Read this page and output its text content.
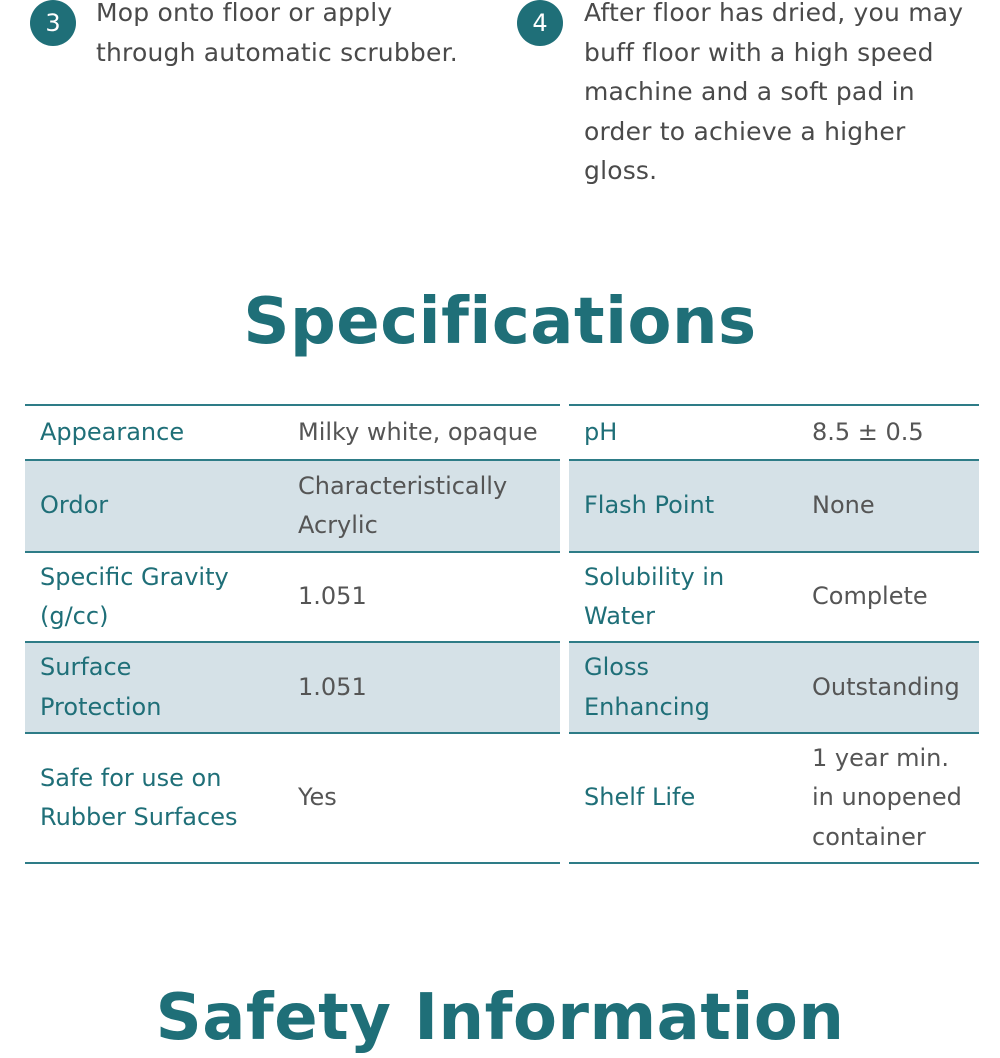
3	Mop onto floor or apply
through automatic scrubber.
4	After floor has dried, you may
buff floor with a high speed
machine and a soft pad in
order to achieve a higher
gloss.
Specifications
Appearance	Milky white, opaque

Ordor	Characteristically
Acrylic

Specific Gravity
(g/cc)	1.051

Surface
Protection	1.051

Safe for use on
Rubber Surfaces	Yes
pH	8.5 ± 0.5

Flash Point	None

Solubility in
Water	Complete

Gloss
Enhancing	Outstanding

Shelf Life	1 year min.
in unopened
container
Safety Information
